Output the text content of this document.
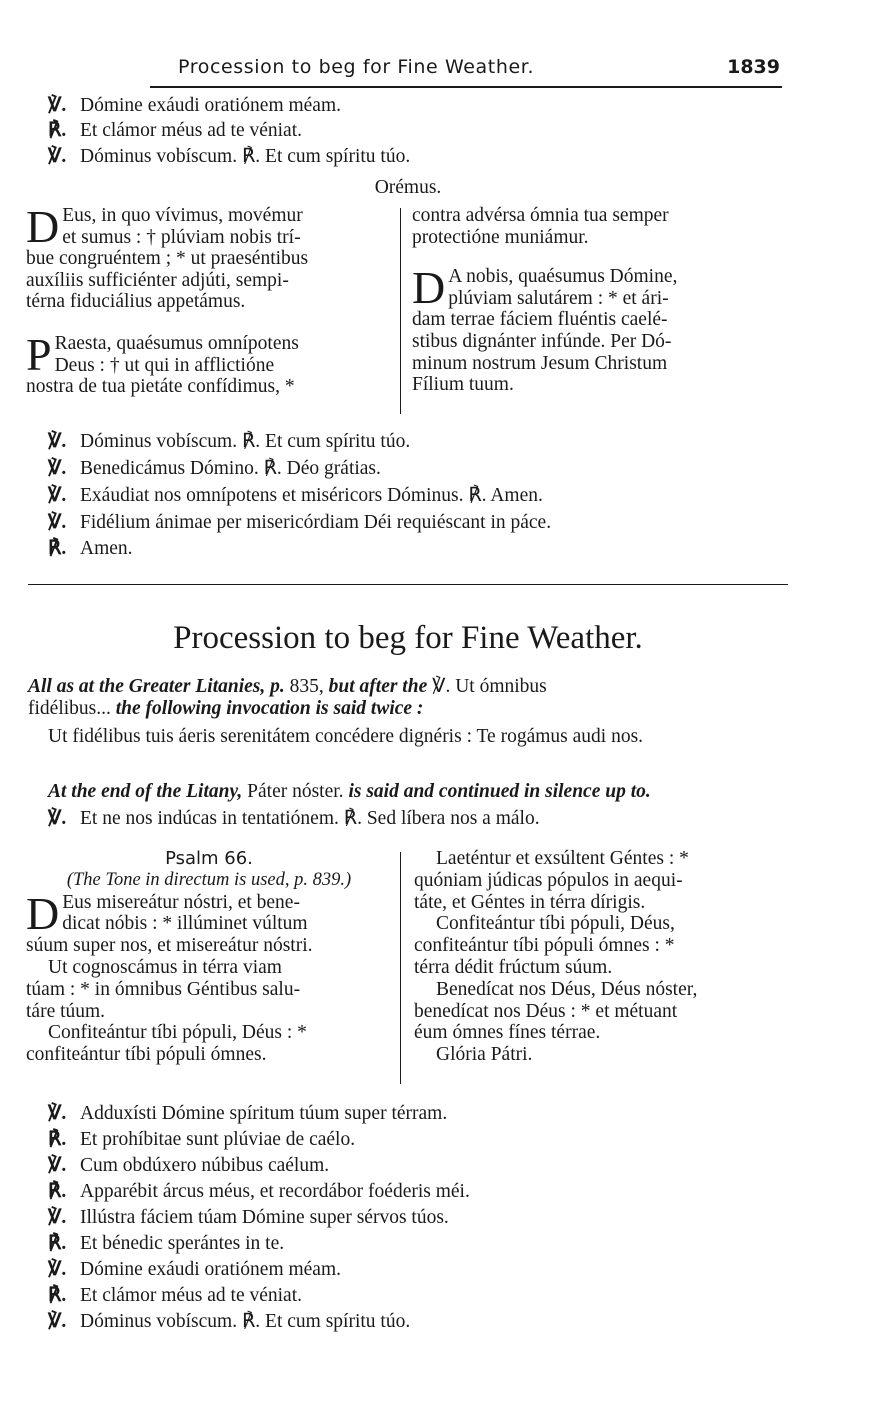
Procession to beg for Fine Weather.	1839
℣. Dómine exáudi oratiónem méam.
℟. Et clámor méus ad te véniat.
℣. Dóminus vobíscum. ℟. Et cum spíritu túo.
Orémus.

D Eus, in quo vívimus, movémur
et sumus : † plúviam nobis trí-
bue congruéntem ; * ut praeséntibus
auxíliis sufficiénter adjúti, sempi-
térna fiduciálius appetámus.

P Raesta, quaésumus omnípotens
Deus : † ut qui in afflictióne
nostra de tua pietáte confídimus, *

contra advérsa ómnia tua semper
protectióne muniámur.

D A nobis, quaésumus Dómine,
plúviam salutárem : * et ári-
dam terrae fáciem fluéntis caelé-
stibus dignánter infúnde. Per Dó-
minum nostrum Jesum Christum
Fílium tuum.

℣. Dóminus vobíscum. ℟. Et cum spíritu túo.
℣. Benedicámus Dómino. ℟. Déo grátias.
℣. Exáudiat nos omnípotens et miséricors Dóminus. ℟. Amen.
℣. Fidélium ánimae per misericórdiam Déi requiéscant in páce.
℟. Amen.
Procession to beg for Fine Weather.
All as at the Greater Litanies, p. 835, but after the ℣. Ut ómnibus
fidélibus... the following invocation is said twice :
Ut fidélibus tuis áeris serenitátem concédere dignéris : Te rogámus audi nos.
At the end of the Litany, Páter nóster. is said and continued in silence up to.
℣. Et ne nos indúcas in tentatiónem. ℟. Sed líbera nos a málo.
Psalm 66.
(The Tone in directum is used, p. 839.)

D Eus misereátur nóstri, et bene-
dicat nóbis : * illúminet vúltum
súum super nos, et misereátur nóstri.

Ut cognoscámus in térra viam
túam : * in ómnibus Géntibus salu-
táre túum.

Confiteántur tíbi pópuli, Déus : *
confiteántur tíbi pópuli ómnes.

Laeténtur et exsúltent Géntes : *
quóniam júdicas pópulos in aequi-
táte, et Géntes in térra dírigis.

Confiteántur tíbi pópuli, Déus,
confiteántur tíbi pópuli ómnes : *
térra dédit frúctum súum.

Benedícat nos Déus, Déus nóster,
benedícat nos Déus : * et métuant
éum ómnes fínes térrae.

Glória Pátri.

℣. Adduxísti Dómine spíritum túum super térram.
℟. Et prohíbitae sunt plúviae de caélo.
℣. Cum obdúxero núbibus caélum.
℟. Apparébit árcus méus, et recordábor foéderis méi.
℣. Illústra fáciem túam Dómine super sérvos túos.
℟. Et bénedic sperántes in te.
℣. Dómine exáudi oratiónem méam.
℟. Et clámor méus ad te véniat.
℣. Dóminus vobíscum. ℟. Et cum spíritu túo.
